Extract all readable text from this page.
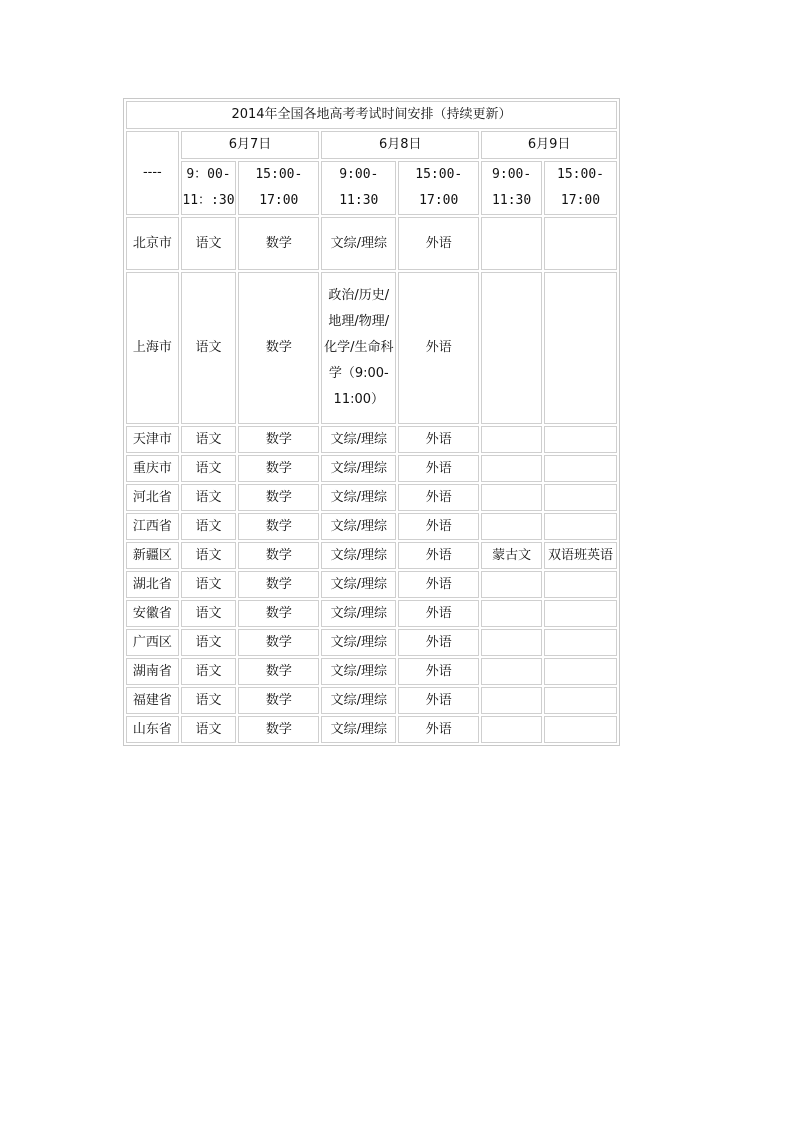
2014年全国各地高考考试时间安排（持续更新）						
----	6月7日		6月8日		6月9日	
	9：00-11：:30	15:00-17:00	9:00-11:30	15:00-17:00	9:00-11:30	15:00-17:00
北京市	语文	数学	文综/理综	外语		
上海市	语文	数学	政治/历史/地理/物理/化学/生命科学（9:00-11:00）	外语		
天津市	语文	数学	文综/理综	外语		
重庆市	语文	数学	文综/理综	外语		
河北省	语文	数学	文综/理综	外语		
江西省	语文	数学	文综/理综	外语		
新疆区	语文	数学	文综/理综	外语	蒙古文	双语班英语
湖北省	语文	数学	文综/理综	外语		
安徽省	语文	数学	文综/理综	外语		
广西区	语文	数学	文综/理综	外语		
湖南省	语文	数学	文综/理综	外语		
福建省	语文	数学	文综/理综	外语		
山东省	语文	数学	文综/理综	外语		
